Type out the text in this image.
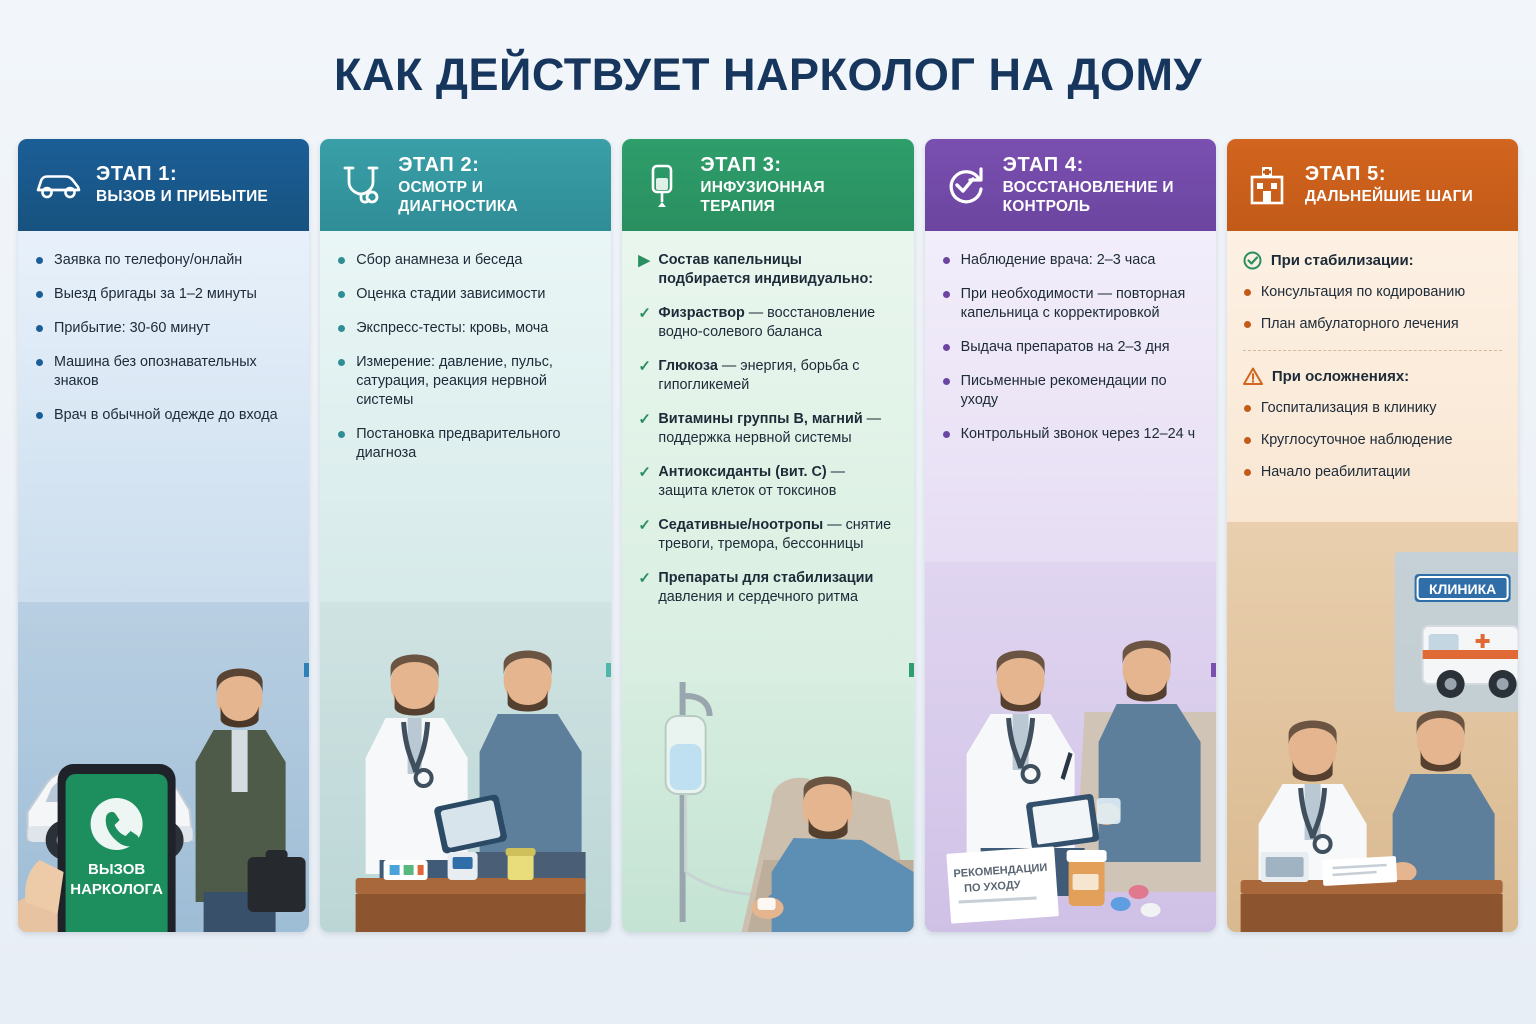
КАК ДЕЙСТВУЕТ НАРКОЛОГ НА ДОМУ
ЭТАП 1:
ВЫЗОВ И ПРИБЫТИЕ
Заявка по телефону/онлайн
Выезд бригады за 1–2 минуты
Прибытие: 30-60 минут
Машина без опознавательных знаков
Врач в обычной одежде до входа
ВЫЗОВ
НАРКОЛОГА
ЭТАП 2:
ОСМОТР И ДИАГНОСТИКА
Сбор анамнеза и беседа
Оценка стадии зависимости
Экспресс-тесты: кровь, моча
Измерение: давление, пульс, сатурация, реакция нервной системы
Постановка предварительного диагноза
ЭТАП 3:
ИНФУЗИОННАЯ ТЕРАПИЯ
▶ Состав капельницы подбирается индивидуально:
✓ Физраствор — восстановление водно-солевого баланса
✓ Глюкоза — энергия, борьба с гипогликемей
✓ Витамины группы B, магний — поддержка нервной системы
✓ Антиоксиданты (вит. С) — защита клеток от токсинов
✓ Седативные/ноотропы — снятие тревоги, тремора, бессонницы
✓ Препараты для стабилизации давления и сердечного ритма
ЭТАП 4:
ВОССТАНОВЛЕНИЕ И КОНТРОЛЬ
Наблюдение врача: 2–3 часа
При необходимости — повторная капельница с корректировкой
Выдача препаратов на 2–3 дня
Письменные рекомендации по уходу
Контрольный звонок через 12–24 ч
РЕКОМЕНДАЦИИ
ПО УХОДУ
ЭТАП 5:
ДАЛЬНЕЙШИЕ ШАГИ
При стабилизации:
Консультация по кодированию
План амбулаторного лечения
При осложнениях:
Госпитализация в клинику
Круглосуточное наблюдение
Начало реабилитации
КЛИНИКА
